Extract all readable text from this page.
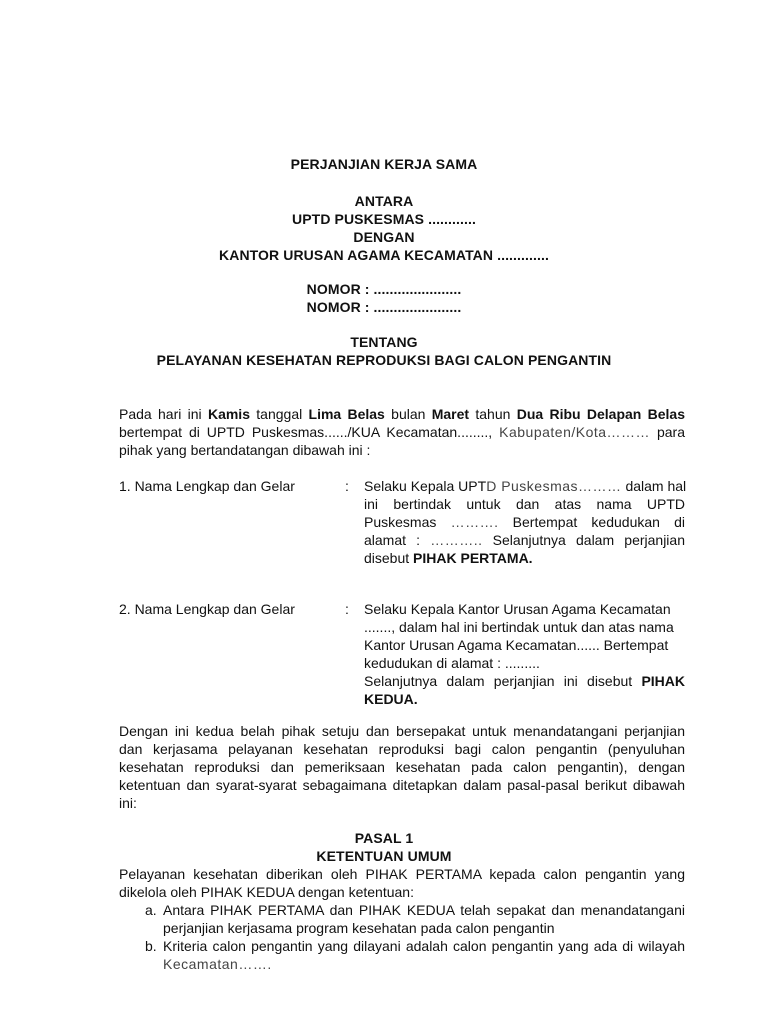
PERJANJIAN KERJA SAMA
ANTARA
UPTD PUSKESMAS ............
DENGAN
KANTOR URUSAN AGAMA KECAMATAN .............
NOMOR : ......................
NOMOR : ......................
TENTANG
PELAYANAN KESEHATAN REPRODUKSI BAGI CALON PENGANTIN
Pada hari ini Kamis tanggal Lima Belas bulan Maret tahun Dua Ribu Delapan Belas
bertempat di UPTD Puskesmas....../KUA Kecamatan........, Kabupaten/Kota……… para
pihak yang bertandatangan dibawah ini :
1. Nama Lengkap dan Gelar	: Selaku Kepala UPTD Puskesmas……… dalam hal
ini bertindak untuk dan atas nama UPTD
Puskesmas ………. Bertempat kedudukan di
alamat : ……….. Selanjutnya dalam perjanjian
disebut PIHAK PERTAMA.
2. Nama Lengkap dan Gelar	: Selaku Kepala Kantor Urusan Agama Kecamatan
......., dalam hal ini bertindak untuk dan atas nama
Kantor Urusan Agama Kecamatan...... Bertempat
kedudukan di alamat : .........
Selanjutnya dalam perjanjian ini disebut PIHAK
KEDUA.
Dengan ini kedua belah pihak setuju dan bersepakat untuk menandatangani perjanjian
dan kerjasama pelayanan kesehatan reproduksi bagi calon pengantin (penyuluhan
kesehatan reproduksi dan pemeriksaan kesehatan pada calon pengantin), dengan
ketentuan dan syarat-syarat sebagaimana ditetapkan dalam pasal-pasal berikut dibawah
ini:
PASAL 1
KETENTUAN UMUM
Pelayanan kesehatan diberikan oleh PIHAK PERTAMA kepada calon pengantin yang
dikelola oleh PIHAK KEDUA dengan ketentuan:
a. Antara PIHAK PERTAMA dan PIHAK KEDUA telah sepakat dan menandatangani
perjanjian kerjasama program kesehatan pada calon pengantin
b. Kriteria calon pengantin yang dilayani adalah calon pengantin yang ada di wilayah
Kecamatan…….
